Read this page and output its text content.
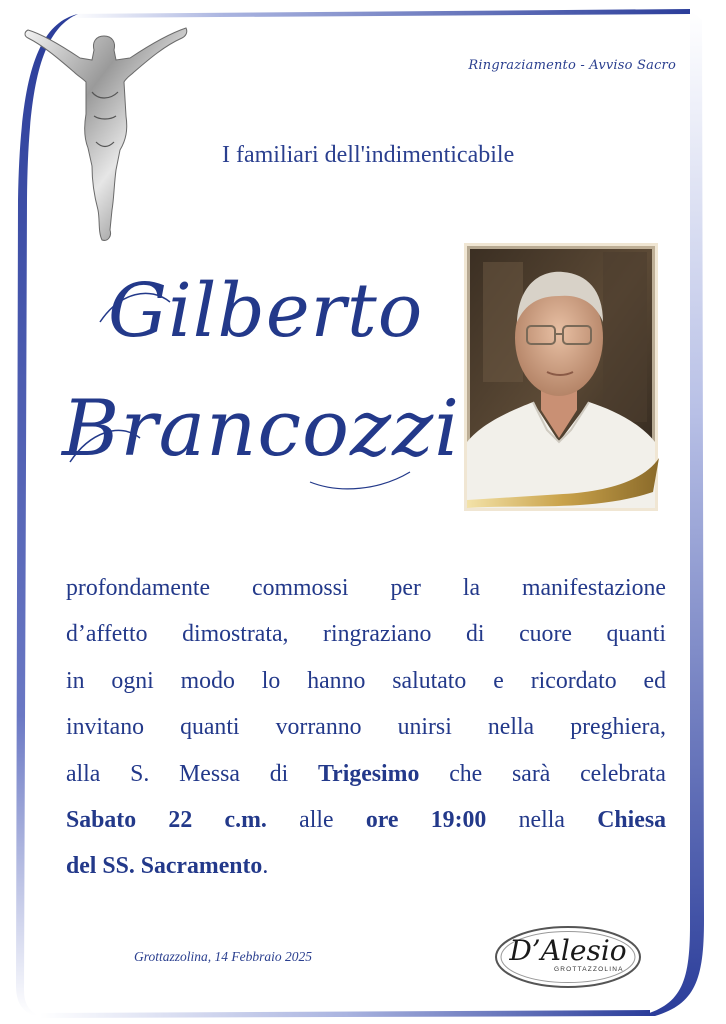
Ringraziamento - Avviso Sacro
I familiari dell'indimenticabile
Gilberto
Brancozzi
profondamente commossi per la manifestazione
d’affetto dimostrata, ringraziano di cuore quanti
in ogni modo lo hanno salutato e ricordato ed
invitano quanti vorranno unirsi nella preghiera,
alla S. Messa di Trigesimo che sarà celebrata
Sabato 22 c.m. alle ore 19:00 nella Chiesa
del SS. Sacramento.
Grottazzolina, 14 Febbraio 2025	D’Alesio
GROTTAZZOLINA
